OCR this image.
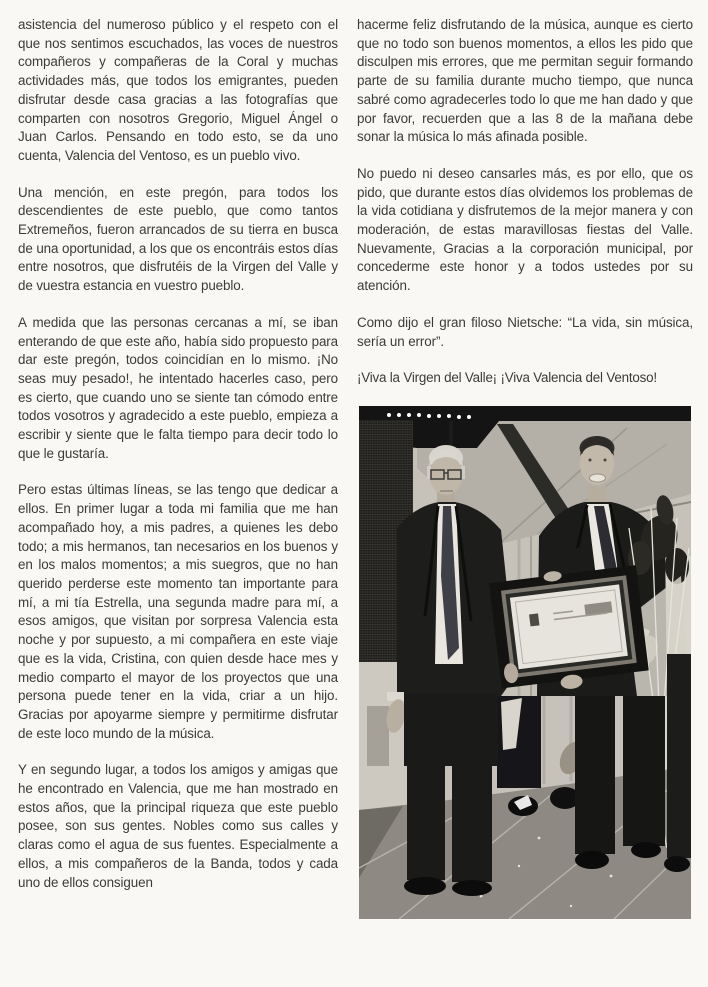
asistencia del numeroso público y el respeto con el que nos sentimos escuchados, las voces de nuestros compañeros y compañeras de la Coral y muchas actividades más, que todos los emigrantes, pueden disfrutar desde casa gracias a las fotografías que comparten con nosotros Gregorio, Miguel Ángel o Juan Carlos. Pensando en todo esto, se da uno cuenta, Valencia del Ventoso, es un pueblo vivo.

Una mención, en este pregón, para todos los descendientes de este pueblo, que como tantos Extremeños, fueron arrancados de su tierra en busca de una oportunidad, a los que os encontráis estos días entre nosotros, que disfrutéis de la Virgen del Valle y de vuestra estancia en vuestro pueblo.

A medida que las personas cercanas a mí, se iban enterando de que este año, había sido propuesto para dar este pregón, todos coincidían en lo mismo. ¡No seas muy pesado!, he intentado hacerles caso, pero es cierto, que cuando uno se siente tan cómodo entre todos vosotros y agradecido a este pueblo, empieza a escribir y siente que le falta tiempo para decir todo lo que le gustaría.

Pero estas últimas líneas, se las tengo que dedicar a ellos. En primer lugar a toda mi familia que me han acompañado hoy, a mis padres, a quienes les debo todo; a mis hermanos, tan necesarios en los buenos y en los malos momentos; a mis suegros, que no han querido perderse este momento tan importante para mí, a mi tía Estrella, una segunda madre para mí, a esos amigos, que visitan por sorpresa Valencia esta noche y por supuesto, a mi compañera en este viaje que es la vida, Cristina, con quien desde hace mes y medio comparto el mayor de los proyectos que una persona puede tener en la vida, criar a un hijo. Gracias por apoyarme siempre y permitirme disfrutar de este loco mundo de la música.

Y en segundo lugar, a todos los amigos y amigas que he encontrado en Valencia, que me han mostrado en estos años, que la principal riqueza que este pueblo posee, son sus gentes. Nobles como sus calles y claras como el agua de sus fuentes. Especialmente a ellos, a mis compañeros de la Banda, todos y cada uno de ellos consiguen

hacerme feliz disfrutando de la música, aunque es cierto que no todo son buenos momentos, a ellos les pido que disculpen mis errores, que me permitan seguir formando parte de su familia durante mucho tiempo, que nunca sabré como agradecerles todo lo que me han dado y que por favor, recuerden que a las 8 de la mañana debe sonar la música lo más afinada posible.

No puedo ni deseo cansarles más, es por ello, que os pido, que durante estos días olvidemos los problemas de la vida cotidiana y disfrutemos de la mejor manera y con moderación, de estas maravillosas fiestas del Valle. Nuevamente, Gracias a la corporación municipal, por concederme este honor y a todos ustedes por su atención.

Como dijo el gran filoso Nietsche: “La vida, sin música, sería un error”.

¡Viva la Virgen del Valle¡ ¡Viva Valencia del Ventoso!
